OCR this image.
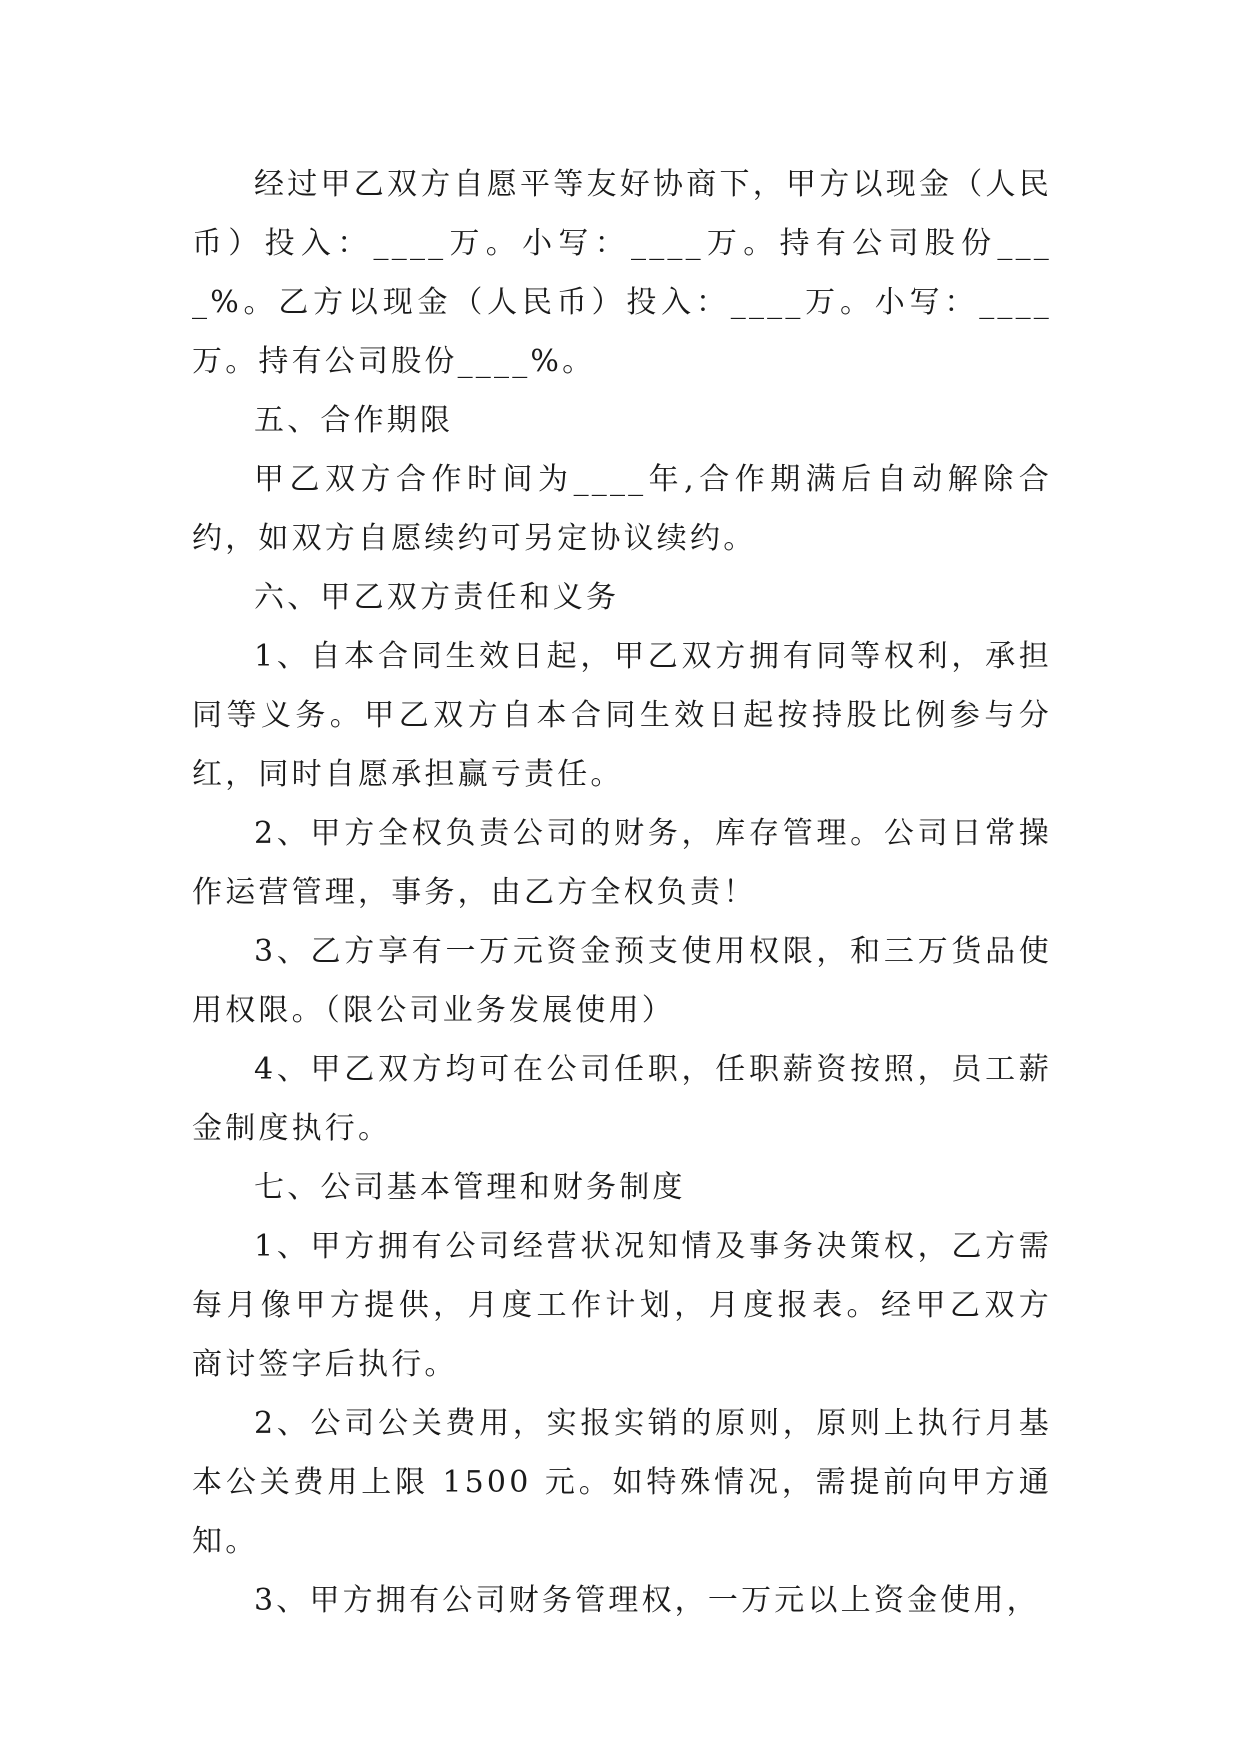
经过甲乙双方自愿平等友好协商下，甲方以现金（人民币）投入：____万。小写：____万。持有公司股份____%。乙方以现金（人民币）投入：____万。小写：____万。持有公司股份____%。

五、合作期限

甲乙双方合作时间为____年,合作期满后自动解除合约，如双方自愿续约可另定协议续约。

六、甲乙双方责任和义务

1、自本合同生效日起，甲乙双方拥有同等权利，承担同等义务。甲乙双方自本合同生效日起按持股比例参与分红，同时自愿承担赢亏责任。

2、甲方全权负责公司的财务，库存管理。公司日常操作运营管理，事务，由乙方全权负责！

3、乙方享有一万元资金预支使用权限，和三万货品使用权限。（限公司业务发展使用）

4、甲乙双方均可在公司任职，任职薪资按照，员工薪金制度执行。

七、公司基本管理和财务制度

1、甲方拥有公司经营状况知情及事务决策权，乙方需每月像甲方提供，月度工作计划，月度报表。经甲乙双方商讨签字后执行。

2、公司公关费用，实报实销的原则，原则上执行月基本公关费用上限 1500 元。如特殊情况，需提前向甲方通知。

3、甲方拥有公司财务管理权，一万元以上资金使用，
